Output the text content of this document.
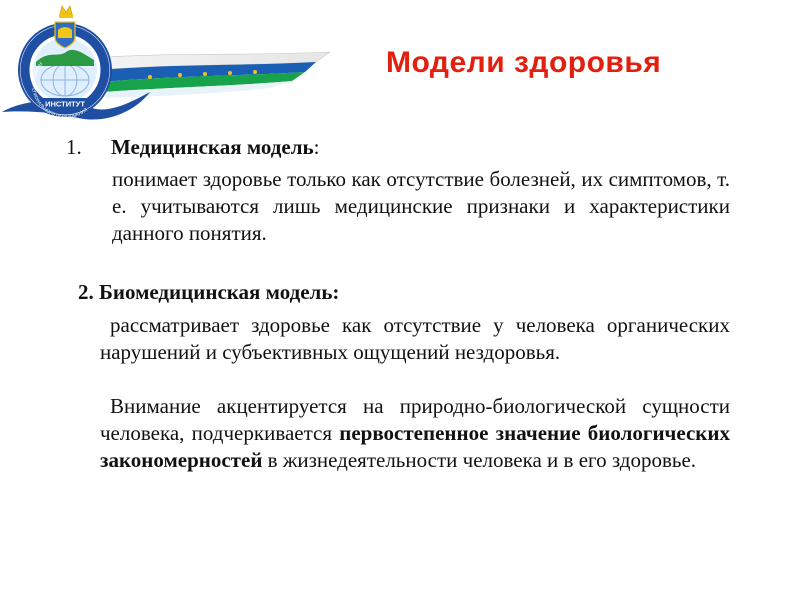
ИНСТИТУТ
РАЗВИТИЯ РЕГИОНАЛЬНОГО ОБРАЗОВАНИЯ
Модели здоровья
1. Медицинская модель:
понимает здоровье только как отсутствие болезней, их симптомов, т. е. учитываются лишь медицинские признаки и характеристики данного понятия.
2. Биомедицинская модель:
рассматривает здоровье как отсутствие у человека органических нарушений и субъективных ощущений нездоровья.
Внимание акцентируется на природно-биологической сущности человека, подчеркивается первостепенное значение биологических закономерностей в жизнедеятельности человека и в его здоровье.
